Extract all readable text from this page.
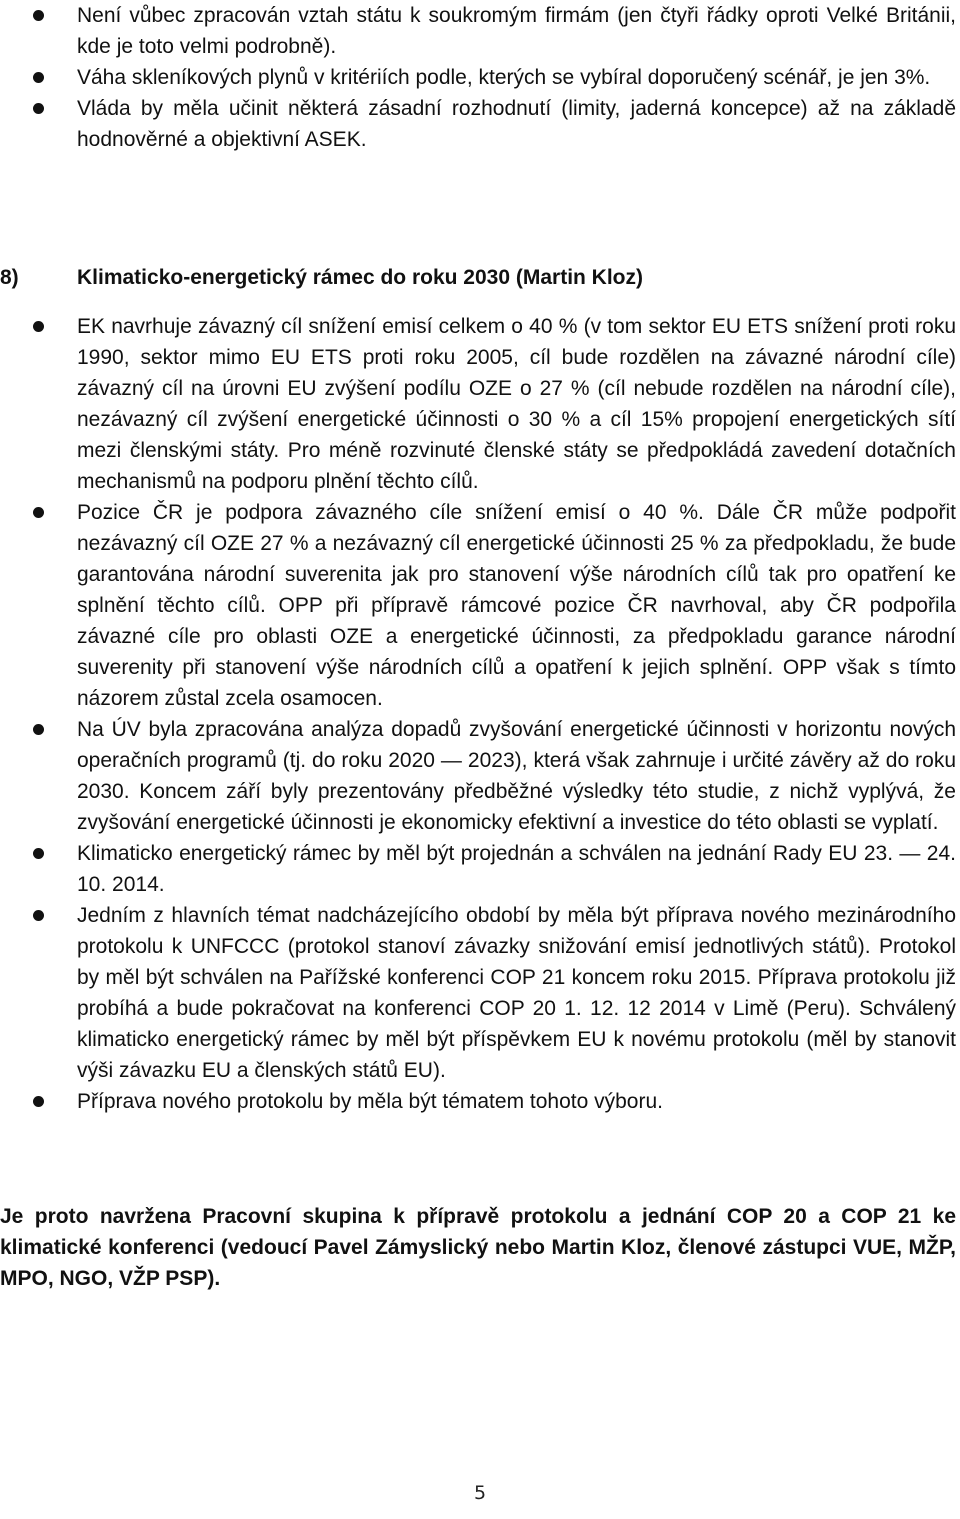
Není vůbec zpracován vztah státu k soukromým firmám (jen čtyři řádky oproti Velké Británii, kde je toto velmi podrobně).
Váha skleníkových plynů v kritériích podle, kterých se vybíral doporučený scénář, je jen 3%.
Vláda by měla učinit některá zásadní rozhodnutí (limity, jaderná koncepce) až na základě hodnověrné a objektivní ASEK.
8)	Klimaticko-energetický rámec do roku 2030 (Martin Kloz)
EK navrhuje závazný cíl snížení emisí celkem o 40 % (v tom sektor EU ETS snížení proti roku 1990, sektor mimo EU ETS proti roku 2005, cíl bude rozdělen na závazné národní cíle) závazný cíl na úrovni EU zvýšení podílu OZE o 27 % (cíl nebude rozdělen na národní cíle), nezávazný cíl zvýšení energetické účinnosti o 30 % a cíl 15% propojení energetických sítí mezi členskými státy. Pro méně rozvinuté členské státy se předpokládá zavedení dotačních mechanismů na podporu plnění těchto cílů.
Pozice ČR je podpora závazného cíle snížení emisí o 40 %. Dále ČR může podpořit nezávazný cíl OZE 27 % a nezávazný cíl energetické účinnosti 25 % za předpokladu, že bude garantována národní suverenita jak pro stanovení výše národních cílů tak pro opatření ke splnění těchto cílů. OPP při přípravě rámcové pozice ČR navrhoval, aby ČR podpořila závazné cíle pro oblasti OZE a energetické účinnosti, za předpokladu garance národní suverenity při stanovení výše národních cílů a opatření k jejich splnění. OPP však s tímto názorem zůstal zcela osamocen.
Na ÚV byla zpracována analýza dopadů zvyšování energetické účinnosti v horizontu nových operačních programů (tj. do roku 2020 — 2023), která však zahrnuje i určité závěry až do roku 2030. Koncem září byly prezentovány předběžné výsledky této studie, z nichž vyplývá, že zvyšování energetické účinnosti je ekonomicky efektivní a investice do této oblasti se vyplatí.
Klimaticko energetický rámec by měl být projednán a schválen na jednání Rady EU 23. — 24. 10. 2014.
Jedním z hlavních témat nadcházejícího období by měla být příprava nového mezinárodního protokolu k UNFCCC (protokol stanoví závazky snižování emisí jednotlivých států). Protokol by měl být schválen na Pařížské konferenci COP 21 koncem roku 2015. Příprava protokolu již probíhá a bude pokračovat na konferenci COP 20 1. 12. 12 2014 v Limě (Peru). Schválený klimaticko energetický rámec by měl být příspěvkem EU k novému protokolu (měl by stanovit výši závazku EU a členských států EU).
Příprava nového protokolu by měla být tématem tohoto výboru.

Je proto navržena Pracovní skupina k přípravě protokolu a jednání COP 20 a COP 21 ke klimatické konferenci (vedoucí Pavel Zámyslický nebo Martin Kloz, členové zástupci VUE, MŽP, MPO, NGO, VŽP PSP).

5
